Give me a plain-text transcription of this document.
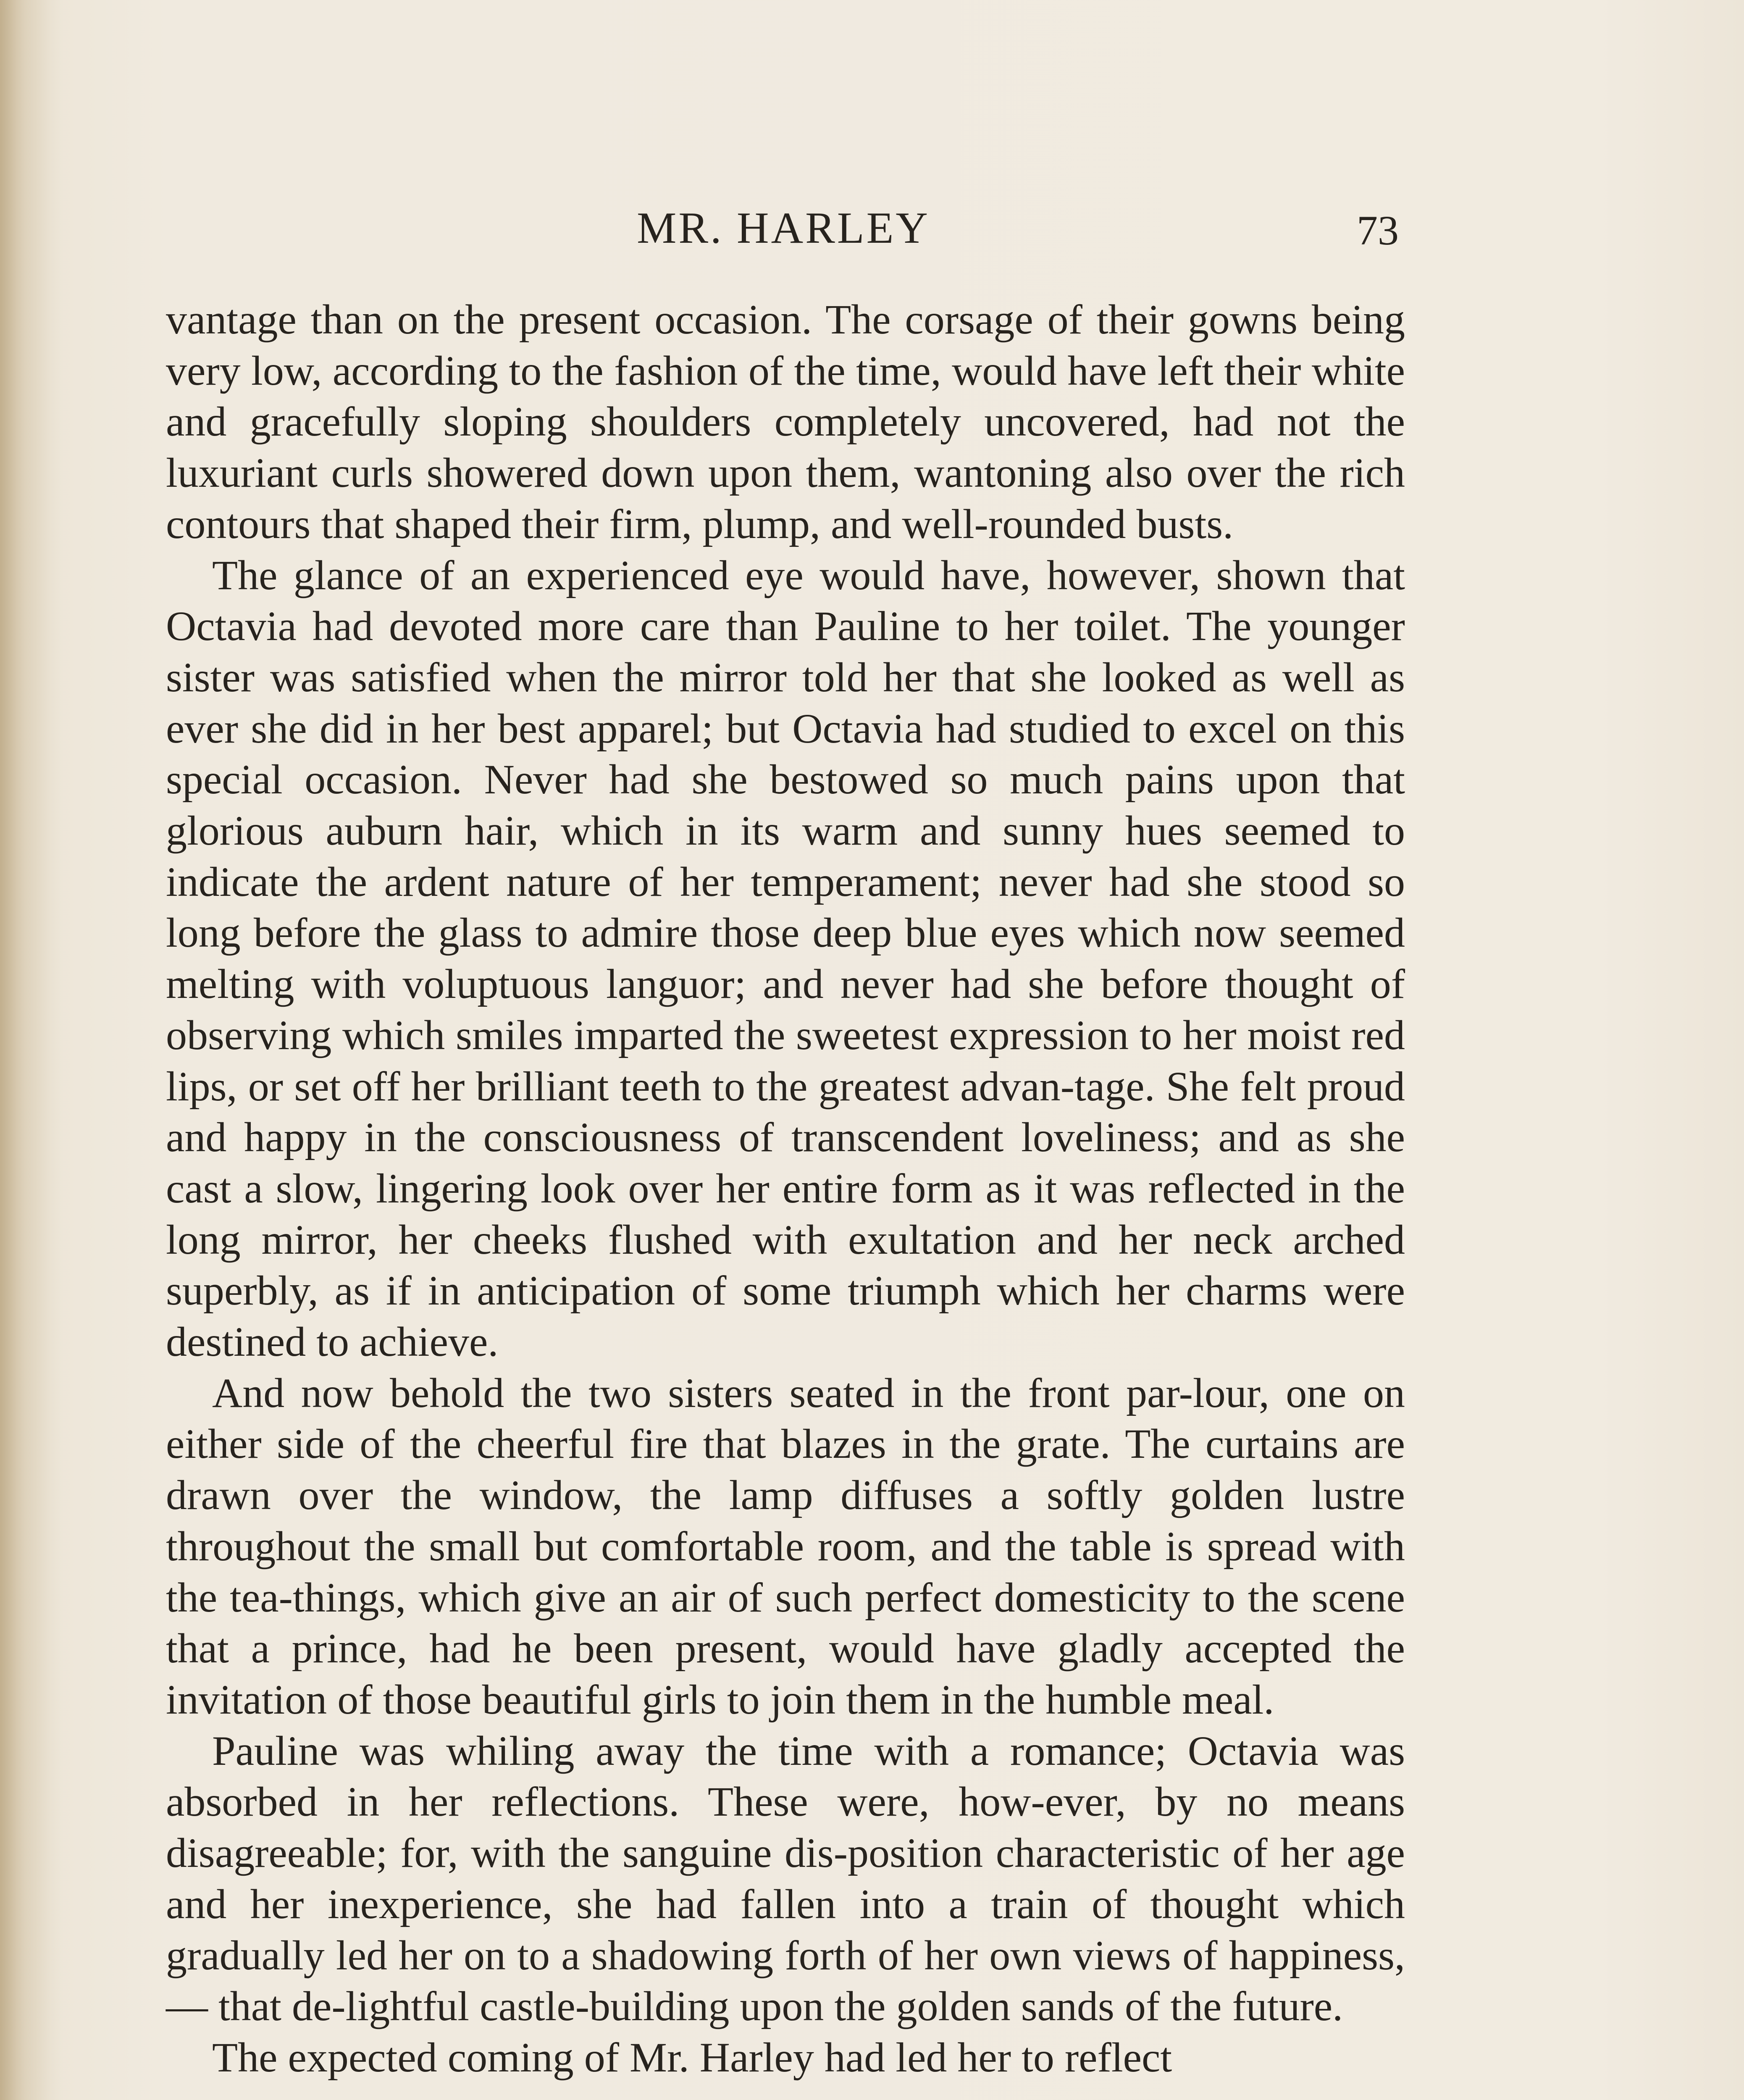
MR. HARLEY	73

vantage than on the present occasion. The corsage of their gowns being very low, according to the fashion of the time, would have left their white and gracefully sloping shoulders completely uncovered, had not the luxuriant curls showered down upon them, wantoning also over the rich contours that shaped their firm, plump, and well-rounded busts.

The glance of an experienced eye would have, however, shown that Octavia had devoted more care than Pauline to her toilet. The younger sister was satisfied when the mirror told her that she looked as well as ever she did in her best apparel; but Octavia had studied to excel on this special occasion. Never had she bestowed so much pains upon that glorious auburn hair, which in its warm and sunny hues seemed to indicate the ardent nature of her temperament; never had she stood so long before the glass to admire those deep blue eyes which now seemed melting with voluptuous languor; and never had she before thought of observing which smiles imparted the sweetest expression to her moist red lips, or set off her brilliant teeth to the greatest advan-tage. She felt proud and happy in the consciousness of transcendent loveliness; and as she cast a slow, lingering look over her entire form as it was reflected in the long mirror, her cheeks flushed with exultation and her neck arched superbly, as if in anticipation of some triumph which her charms were destined to achieve.

And now behold the two sisters seated in the front par-lour, one on either side of the cheerful fire that blazes in the grate. The curtains are drawn over the window, the lamp diffuses a softly golden lustre throughout the small but comfortable room, and the table is spread with the tea-things, which give an air of such perfect domesticity to the scene that a prince, had he been present, would have gladly accepted the invitation of those beautiful girls to join them in the humble meal.

Pauline was whiling away the time with a romance; Octavia was absorbed in her reflections. These were, how-ever, by no means disagreeable; for, with the sanguine dis-position characteristic of her age and her inexperience, she had fallen into a train of thought which gradually led her on to a shadowing forth of her own views of happiness, — that de-lightful castle-building upon the golden sands of the future.

The expected coming of Mr. Harley had led her to reflect
